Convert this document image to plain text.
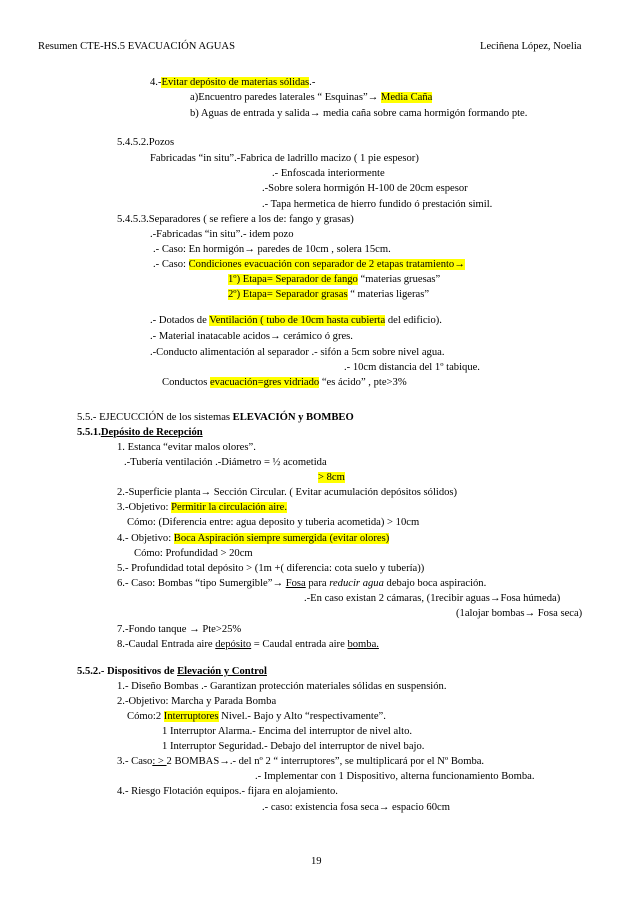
Resumen CTE-HS.5 EVACUACIÓN AGUAS	Leciñena López, Noelia
4.-Evitar depósito de materias sólidas.-
a)Encuentro paredes laterales “ Esquinas”→ Media Caña
b) Aguas de entrada y salida→ media caña sobre cama hormigón formando pte.
5.4.5.2.Pozos
Fabricadas “in situ”.-Fabrica de ladrillo macizo ( 1 pie espesor)
.- Enfoscada interiormente
.-Sobre solera hormigón H-100 de 20cm espesor
.- Tapa hermetica de hierro fundido ó prestación simil.
5.4.5.3.Separadores ( se refiere a los de: fango y grasas)
.-Fabricadas “in situ”.- idem pozo
.- Caso: En hormigón→ paredes de 10cm , solera 15cm.
.- Caso: Condiciones evacuación con separador de 2 etapas tratamiento→
1º) Etapa= Separador de fango “materias gruesas”
2º) Etapa= Separador grasas “ materias ligeras”
.- Dotados de Ventilación ( tubo de 10cm hasta cubierta del edificio).
.- Material inatacable acidos→ cerámico ó gres.
.-Conducto alimentación al separador .- sifón a 5cm sobre nivel agua.
.- 10cm distancia del 1º tabique.
Conductos evacuación=gres vidriado “es ácido” , pte>3%
5.5.- EJECUCCIÓN de los sistemas ELEVACIÓN y BOMBEO
5.5.1.Depósito de Recepción
1. Estanca “evitar malos olores”.
.-Tubería ventilación .-Diámetro = ½ acometida
> 8cm
2.-Superficie planta→ Sección Circular. ( Evitar acumulación depósitos sólidos)
3.-Objetivo: Permitir la circulación aire.
Cómo: (Diferencia entre: agua deposito y tuberia acometida) > 10cm
4.- Objetivo: Boca Aspiración siempre sumergida (evitar olores)
Cómo: Profundidad > 20cm
5.- Profundidad total depósito > (1m +( diferencia: cota suelo y tubería))
6.- Caso: Bombas “tipo Sumergible”→ Fosa para reducir agua debajo boca aspiración.
.-En caso existan 2 cámaras, (1recibir aguas→Fosa húmeda)
(1alojar bombas→ Fosa seca)
7.-Fondo tanque → Pte>25%
8.-Caudal Entrada aire depósito = Caudal entrada aire bomba.
5.5.2.- Dispositivos de Elevación y Control
1.- Diseño Bombas .- Garantizan protección materiales sólidas en suspensión.
2.-Objetivo: Marcha y Parada Bomba
Cómo:2 Interruptores Nivel.- Bajo y Alto “respectivamente”.
1 Interruptor Alarma.- Encima del interruptor de nivel alto.
1 Interruptor Seguridad.- Debajo del interruptor de nivel bajo.
3.- Caso: > 2 BOMBAS→.- del nº 2 “ interruptores”, se multiplicará por el Nº Bomba.
.- Implementar con 1 Dispositivo, alterna funcionamiento Bomba.
4.- Riesgo Flotación equipos.- fijara en alojamiento.
.- caso: existencia fosa seca→ espacio 60cm
19
